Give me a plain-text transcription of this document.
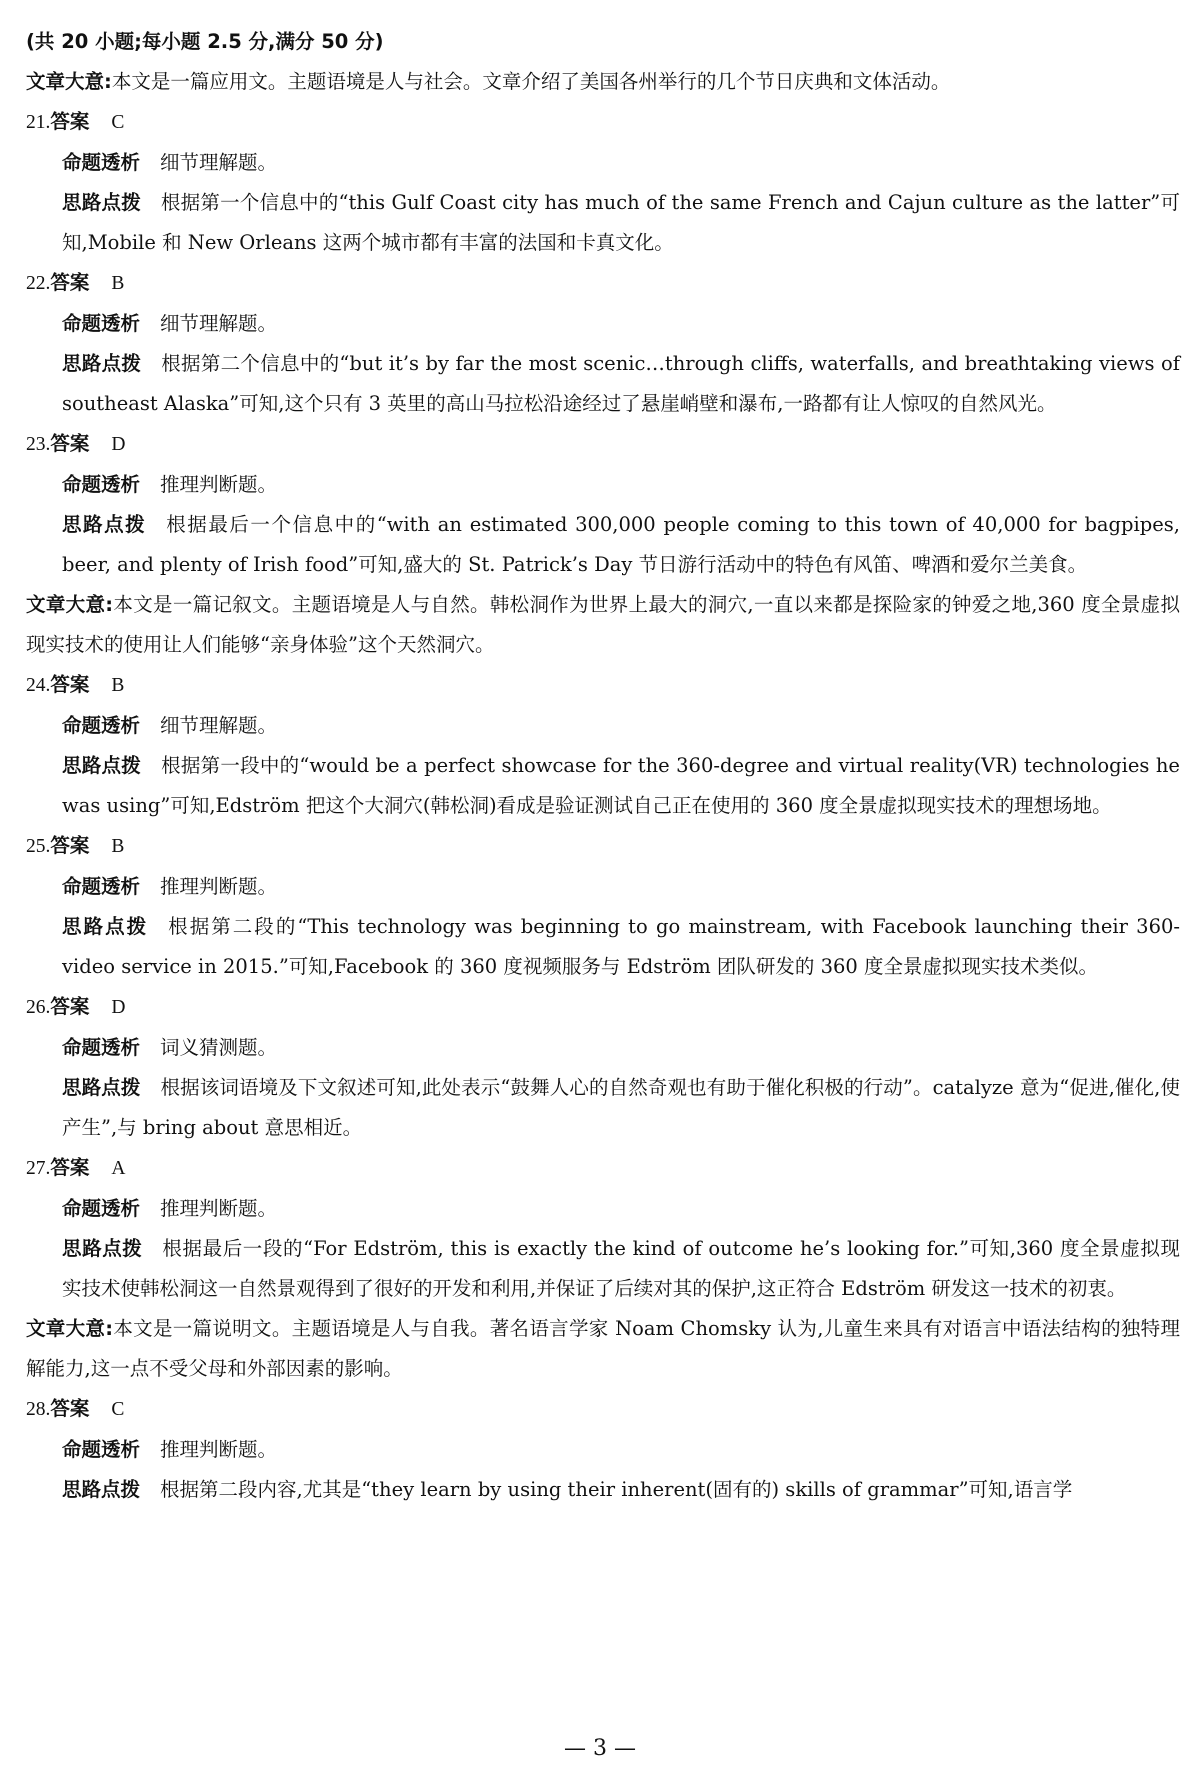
(共 20 小题;每小题 2.5 分,满分 50 分)
文章大意:本文是一篇应用文。主题语境是人与社会。文章介绍了美国各州举行的几个节日庆典和文体活动。
21.答案 C
命题透析 细节理解题。
思路点拨 根据第一个信息中的“this Gulf Coast city has much of the same French and Cajun culture as the latter”可知,Mobile 和 New Orleans 这两个城市都有丰富的法国和卡真文化。
22.答案 B
命题透析 细节理解题。
思路点拨 根据第二个信息中的“but it’s by far the most scenic…through cliffs, waterfalls, and breathtaking views of southeast Alaska”可知,这个只有 3 英里的高山马拉松沿途经过了悬崖峭壁和瀑布,一路都有让人惊叹的自然风光。
23.答案 D
命题透析 推理判断题。
思路点拨 根据最后一个信息中的“with an estimated 300,000 people coming to this town of 40,000 for bagpipes, beer, and plenty of Irish food”可知,盛大的 St. Patrick’s Day 节日游行活动中的特色有风笛、啤酒和爱尔兰美食。
文章大意:本文是一篇记叙文。主题语境是人与自然。韩松洞作为世界上最大的洞穴,一直以来都是探险家的钟爱之地,360 度全景虚拟现实技术的使用让人们能够“亲身体验”这个天然洞穴。
24.答案 B
命题透析 细节理解题。
思路点拨 根据第一段中的“would be a perfect showcase for the 360-degree and virtual reality(VR) technologies he was using”可知,Edström 把这个大洞穴(韩松洞)看成是验证测试自己正在使用的 360 度全景虚拟现实技术的理想场地。
25.答案 B
命题透析 推理判断题。
思路点拨 根据第二段的“This technology was beginning to go mainstream, with Facebook launching their 360-video service in 2015.”可知,Facebook 的 360 度视频服务与 Edström 团队研发的 360 度全景虚拟现实技术类似。
26.答案 D
命题透析 词义猜测题。
思路点拨 根据该词语境及下文叙述可知,此处表示“鼓舞人心的自然奇观也有助于催化积极的行动”。catalyze 意为“促进,催化,使产生”,与 bring about 意思相近。
27.答案 A
命题透析 推理判断题。
思路点拨 根据最后一段的“For Edström, this is exactly the kind of outcome he’s looking for.”可知,360 度全景虚拟现实技术使韩松洞这一自然景观得到了很好的开发和利用,并保证了后续对其的保护,这正符合 Edström 研发这一技术的初衷。
文章大意:本文是一篇说明文。主题语境是人与自我。著名语言学家 Noam Chomsky 认为,儿童生来具有对语言中语法结构的独特理解能力,这一点不受父母和外部因素的影响。
28.答案 C
命题透析 推理判断题。
思路点拨 根据第二段内容,尤其是“they learn by using their inherent(固有的) skills of grammar”可知,语言学
— 3 —
